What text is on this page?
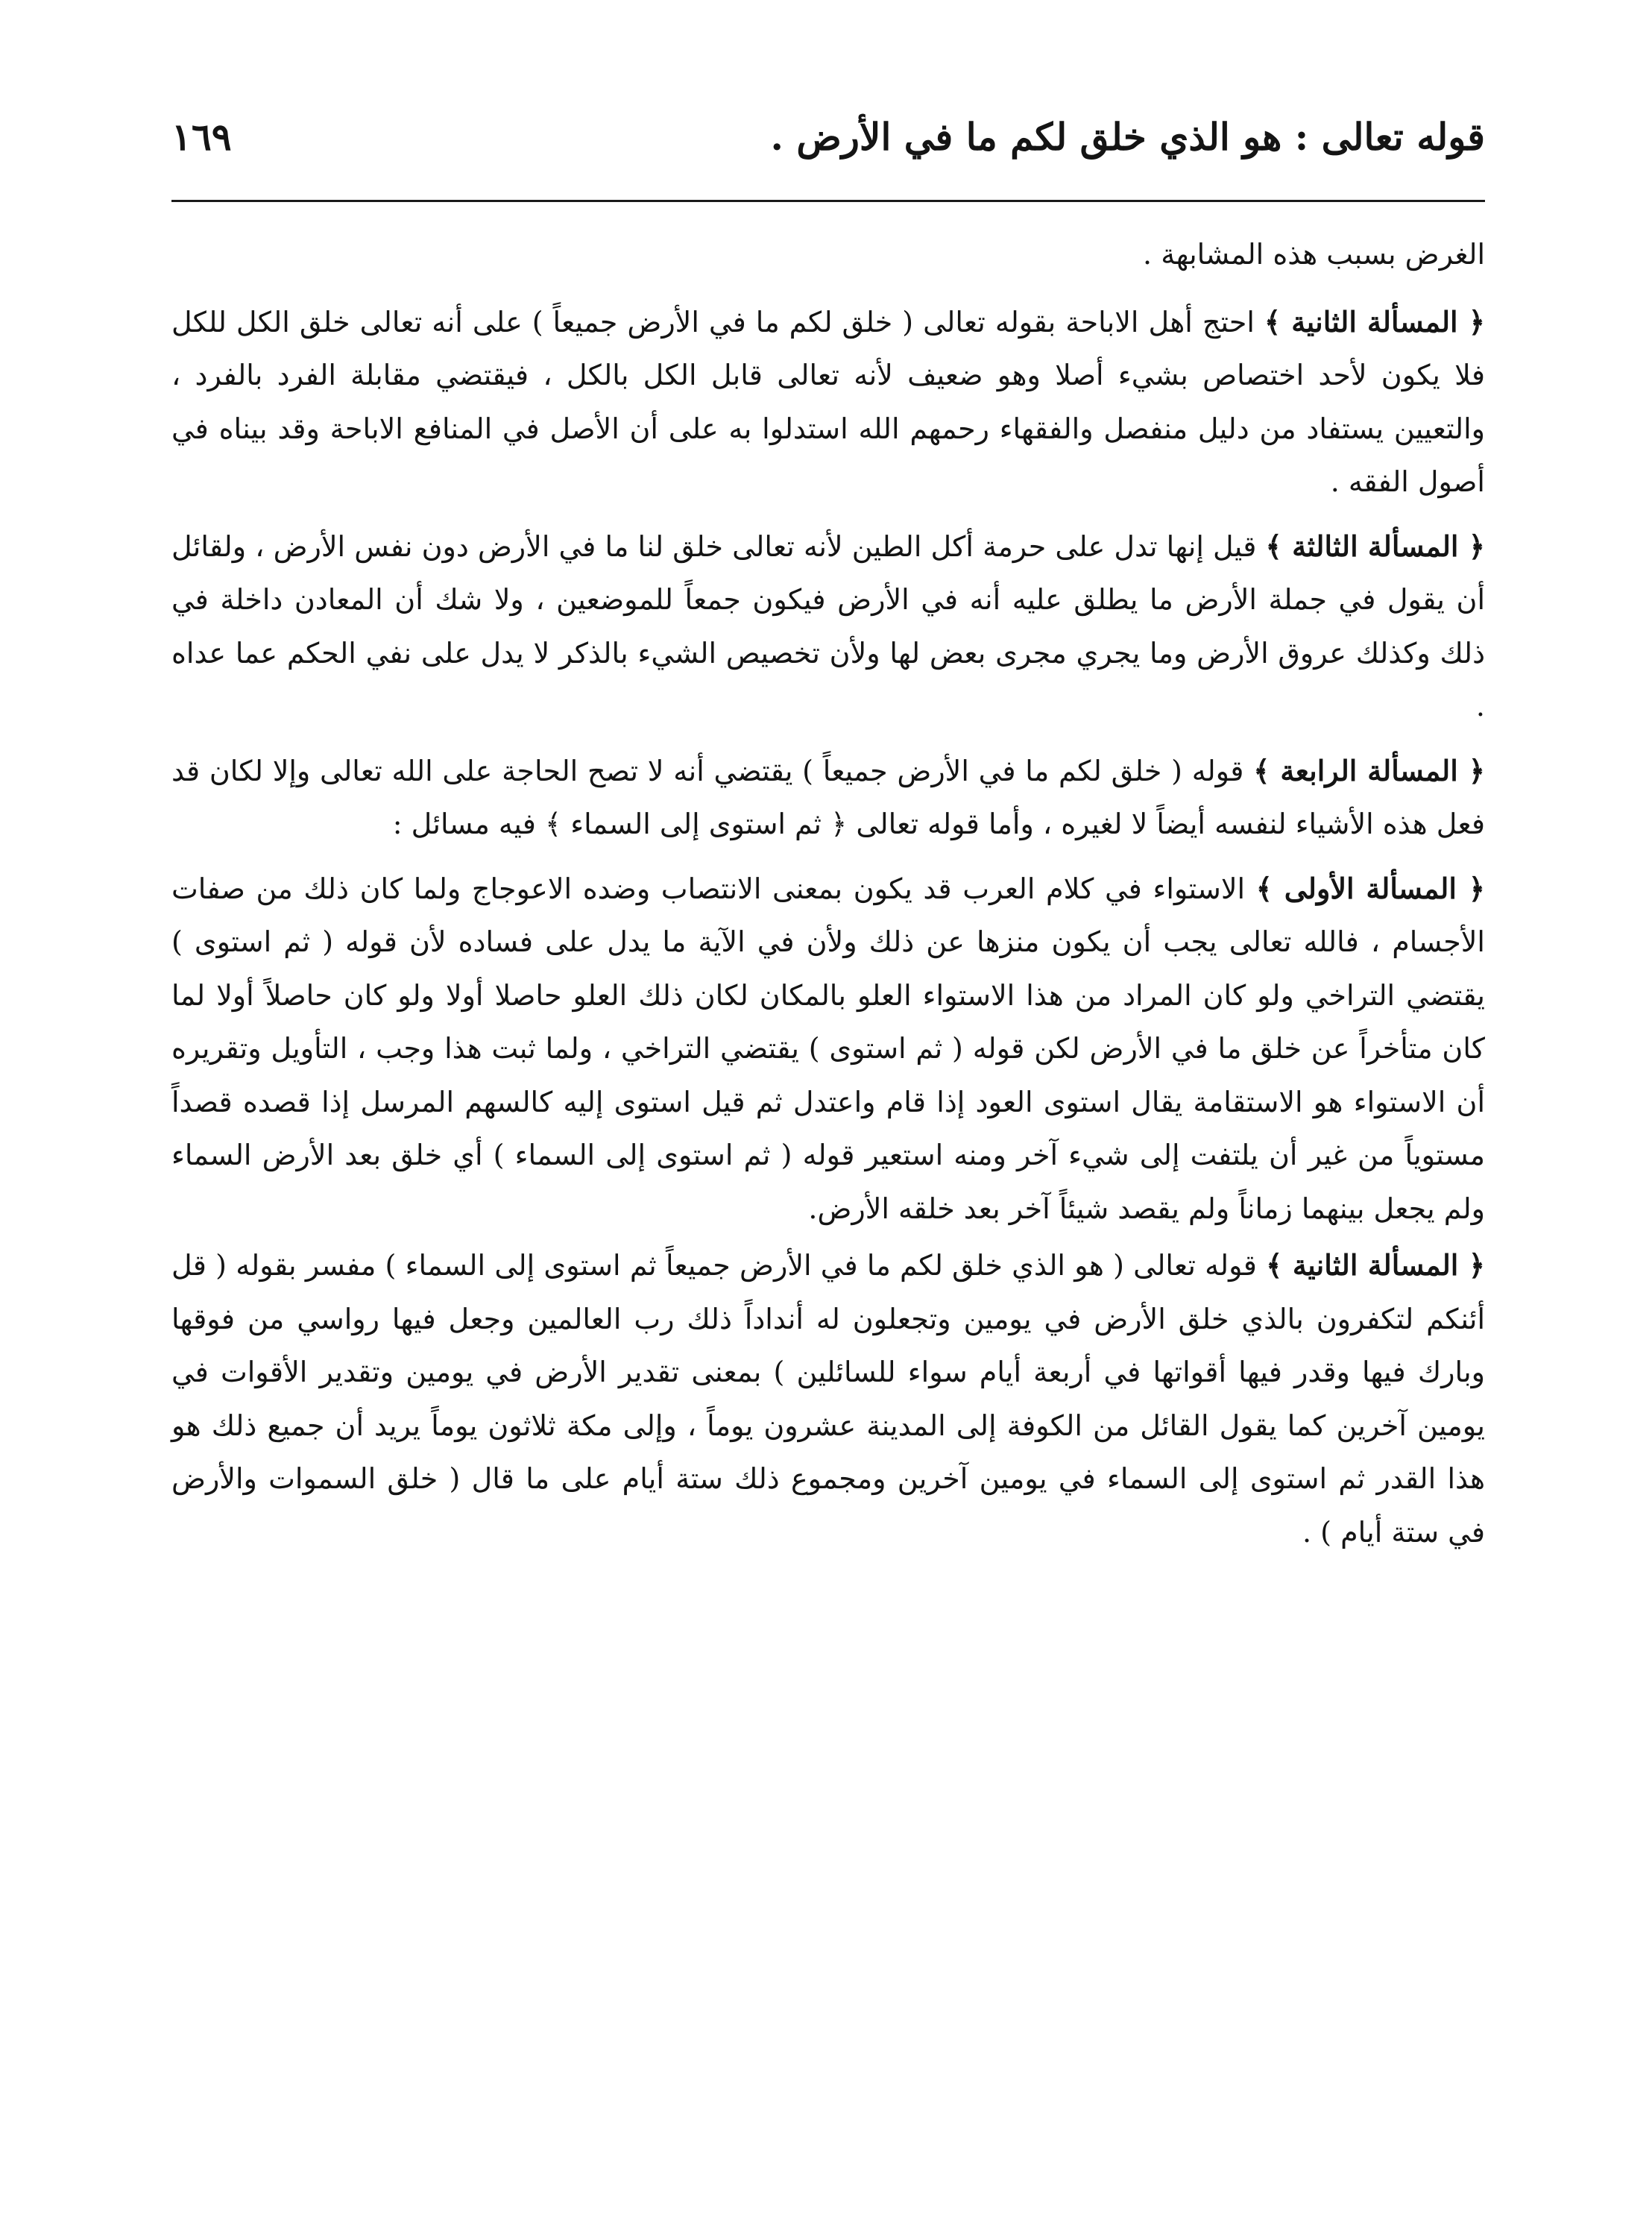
قوله تعالى : هو الذي خلق لكم ما في الأرض .
١٦٩

الغرض بسبب هذه المشابهة .

﴿ المسألة الثانية ﴾ احتج أهل الاباحة بقوله تعالى ( خلق لكم ما في الأرض جميعاً ) على أنه تعالى خلق الكل للكل فلا يكون لأحد اختصاص بشيء أصلا وهو ضعيف لأنه تعالى قابل الكل بالكل ، فيقتضي مقابلة الفرد بالفرد ، والتعيين يستفاد من دليل منفصل والفقهاء رحمهم الله استدلوا به على أن الأصل في المنافع الاباحة وقد بيناه في أصول الفقه .

﴿ المسألة الثالثة ﴾ قيل إنها تدل على حرمة أكل الطين لأنه تعالى خلق لنا ما في الأرض دون نفس الأرض ، ولقائل أن يقول في جملة الأرض ما يطلق عليه أنه في الأرض فيكون جمعاً للموضعين ، ولا شك أن المعادن داخلة في ذلك وكذلك عروق الأرض وما يجري مجرى بعض لها ولأن تخصيص الشيء بالذكر لا يدل على نفي الحكم عما عداه .

﴿ المسألة الرابعة ﴾ قوله ( خلق لكم ما في الأرض جميعاً ) يقتضي أنه لا تصح الحاجة على الله تعالى وإلا لكان قد فعل هذه الأشياء لنفسه أيضاً لا لغيره ، وأما قوله تعالى ﴿ ثم استوى إلى السماء ﴾ فيه مسائل :

﴿ المسألة الأولى ﴾ الاستواء في كلام العرب قد يكون بمعنى الانتصاب وضده الاعوجاج ولما كان ذلك من صفات الأجسام ، فالله تعالى يجب أن يكون منزها عن ذلك ولأن في الآية ما يدل على فساده لأن قوله ( ثم استوى ) يقتضي التراخي ولو كان المراد من هذا الاستواء العلو بالمكان لكان ذلك العلو حاصلا أولا ولو كان حاصلاً أولا لما كان متأخراً عن خلق ما في الأرض لكن قوله ( ثم استوى ) يقتضي التراخي ، ولما ثبت هذا وجب ، التأويل وتقريره أن الاستواء هو الاستقامة يقال استوى العود إذا قام واعتدل ثم قيل استوى إليه كالسهم المرسل إذا قصده قصداً مستوياً من غير أن يلتفت إلى شيء آخر ومنه استعير قوله ( ثم استوى إلى السماء ) أي خلق بعد الأرض السماء ولم يجعل بينهما زماناً ولم يقصد شيئاً آخر بعد خلقه الأرض.

﴿ المسألة الثانية ﴾ قوله تعالى ( هو الذي خلق لكم ما في الأرض جميعاً ثم استوى إلى السماء ) مفسر بقوله ( قل أئنكم لتكفرون بالذي خلق الأرض في يومين وتجعلون له أنداداً ذلك رب العالمين وجعل فيها رواسي من فوقها وبارك فيها وقدر فيها أقواتها في أربعة أيام سواء للسائلين ) بمعنى تقدير الأرض في يومين وتقدير الأقوات في يومين آخرين كما يقول القائل من الكوفة إلى المدينة عشرون يوماً ، وإلى مكة ثلاثون يوماً يريد أن جميع ذلك هو هذا القدر ثم استوى إلى السماء في يومين آخرين ومجموع ذلك ستة أيام على ما قال ( خلق السموات والأرض في ستة أيام ) .
